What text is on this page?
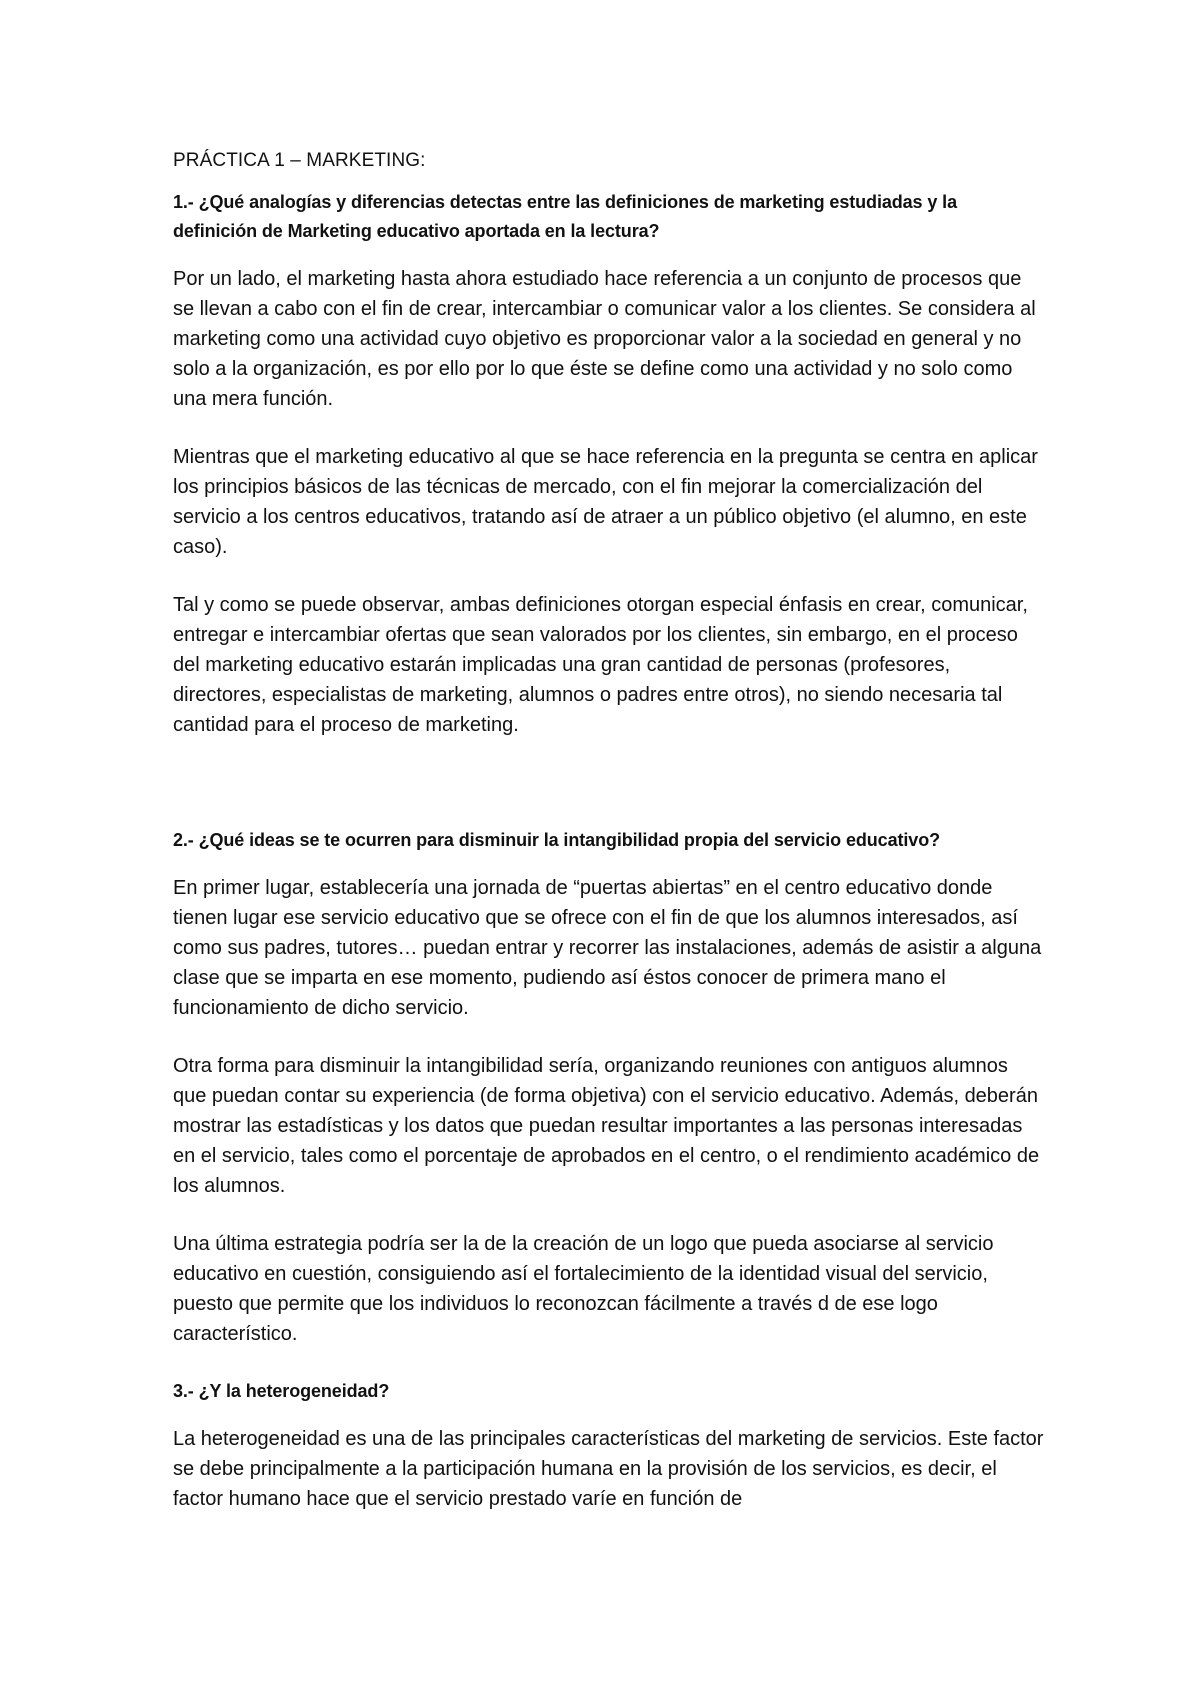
PRÁCTICA 1 – MARKETING:

1.- ¿Qué analogías y diferencias detectas entre las definiciones de marketing estudiadas y la definición de Marketing educativo aportada en la lectura?

Por un lado, el marketing hasta ahora estudiado hace referencia a un conjunto de procesos que se llevan a cabo con el fin de crear, intercambiar o comunicar valor a los clientes. Se considera al marketing como una actividad cuyo objetivo es proporcionar valor a la sociedad en general y no solo a la organización, es por ello por lo que éste se define como una actividad y no solo como una mera función.

Mientras que el marketing educativo al que se hace referencia en la pregunta se centra en aplicar los principios básicos de las técnicas de mercado, con el fin mejorar la comercialización del servicio a los centros educativos, tratando así de atraer a un público objetivo (el alumno, en este caso).

Tal y como se puede observar, ambas definiciones otorgan especial énfasis en crear, comunicar, entregar e intercambiar ofertas que sean valorados por los clientes, sin embargo, en el proceso del marketing educativo estarán implicadas una gran cantidad de personas (profesores, directores, especialistas de marketing, alumnos o padres entre otros), no siendo necesaria tal cantidad para el proceso de marketing.

2.- ¿Qué ideas se te ocurren para disminuir la intangibilidad propia del servicio educativo?

En primer lugar, establecería una jornada de “puertas abiertas” en el centro educativo donde tienen lugar ese servicio educativo que se ofrece con el fin de que los alumnos interesados, así como sus padres, tutores… puedan entrar y recorrer las instalaciones, además de asistir a alguna clase que se imparta en ese momento, pudiendo así éstos conocer de primera mano el funcionamiento de dicho servicio.

Otra forma para disminuir la intangibilidad sería, organizando reuniones con antiguos alumnos que puedan contar su experiencia (de forma objetiva) con el servicio educativo. Además, deberán mostrar las estadísticas y los datos que puedan resultar importantes a las personas interesadas en el servicio, tales como el porcentaje de aprobados en el centro, o el rendimiento académico de los alumnos.

Una última estrategia podría ser la de la creación de un logo que pueda asociarse al servicio educativo en cuestión, consiguiendo así el fortalecimiento de la identidad visual del servicio, puesto que permite que los individuos lo reconozcan fácilmente a través d de ese logo característico.

3.- ¿Y la heterogeneidad?

La heterogeneidad es una de las principales características del marketing de servicios. Este factor se debe principalmente a la participación humana en la provisión de los servicios, es decir, el factor humano hace que el servicio prestado varíe en función de
